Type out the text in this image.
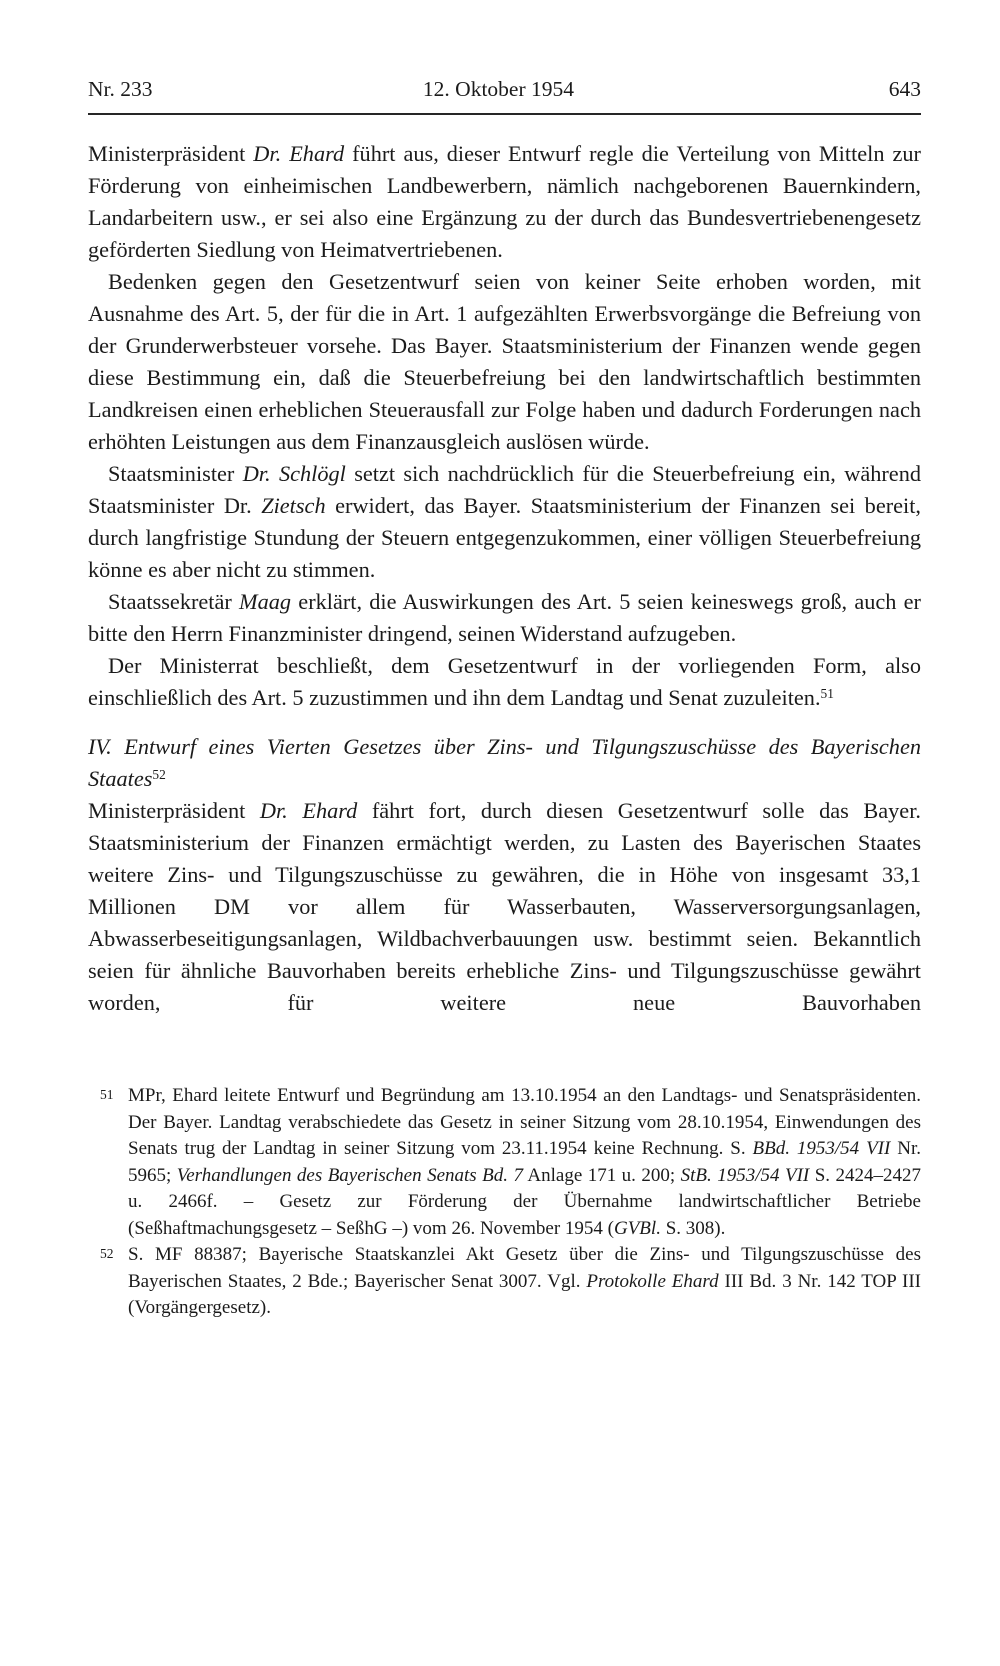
Nr. 233	12. Oktober 1954	643

Ministerpräsident Dr. Ehard führt aus, dieser Entwurf regle die Verteilung von Mitteln zur Förderung von einheimischen Landbewerbern, nämlich nachgeborenen Bauernkindern, Landarbeitern usw., er sei also eine Ergänzung zu der durch das Bundesvertriebenengesetz geförderten Siedlung von Heimatvertriebenen.

Bedenken gegen den Gesetzentwurf seien von keiner Seite erhoben worden, mit Ausnahme des Art. 5, der für die in Art. 1 aufgezählten Erwerbsvorgänge die Befreiung von der Grunderwerbsteuer vorsehe. Das Bayer. Staatsministerium der Finanzen wende gegen diese Bestimmung ein, daß die Steuerbefreiung bei den landwirtschaftlich bestimmten Landkreisen einen erheblichen Steuerausfall zur Folge haben und dadurch Forderungen nach erhöhten Leistungen aus dem Finanzausgleich auslösen würde.

Staatsminister Dr. Schlögl setzt sich nachdrücklich für die Steuerbefreiung ein, während Staatsminister Dr. Zietsch erwidert, das Bayer. Staatsministerium der Finanzen sei bereit, durch langfristige Stundung der Steuern entgegenzukommen, einer völligen Steuerbefreiung könne es aber nicht zu stimmen.

Staatssekretär Maag erklärt, die Auswirkungen des Art. 5 seien keineswegs groß, auch er bitte den Herrn Finanzminister dringend, seinen Widerstand aufzugeben.

Der Ministerrat beschließt, dem Gesetzentwurf in der vorliegenden Form, also einschließlich des Art. 5 zuzustimmen und ihn dem Landtag und Senat zuzuleiten.$^{51}$

IV. Entwurf eines Vierten Gesetzes über Zins- und Tilgungszuschüsse des Bayerischen Staates$^{52}$

Ministerpräsident Dr. Ehard fährt fort, durch diesen Gesetzentwurf solle das Bayer. Staatsministerium der Finanzen ermächtigt werden, zu Lasten des Bayerischen Staates weitere Zins- und Tilgungszuschüsse zu gewähren, die in Höhe von insgesamt 33,1 Millionen DM vor allem für Wasserbauten, Wasserversorgungsanlagen, Abwasserbeseitigungsanlagen, Wildbachverbauungen usw. bestimmt seien. Bekanntlich seien für ähnliche Bauvorhaben bereits erhebliche Zins- und Tilgungszuschüsse gewährt worden, für weitere neue Bauvorhaben

51 MPr, Ehard leitete Entwurf und Begründung am 13.10.1954 an den Landtags- und Senatspräsidenten. Der Bayer. Landtag verabschiedete das Gesetz in seiner Sitzung vom 28.10.1954, Einwendungen des Senats trug der Landtag in seiner Sitzung vom 23.11.1954 keine Rechnung. S. BBd. 1953/54 VII Nr. 5965; Verhandlungen des Bayerischen Senats Bd. 7 Anlage 171 u. 200; StB. 1953/54 VII S. 2424–2427 u. 2466f. – Gesetz zur Förderung der Übernahme landwirtschaftlicher Betriebe (Seßhaftmachungsgesetz – SeßhG –) vom 26. November 1954 (GVBl. S. 308).
52 S. MF 88387; Bayerische Staatskanzlei Akt Gesetz über die Zins- und Tilgungszuschüsse des Bayerischen Staates, 2 Bde.; Bayerischer Senat 3007. Vgl. Protokolle Ehard III Bd. 3 Nr. 142 TOP III (Vorgängergesetz).
